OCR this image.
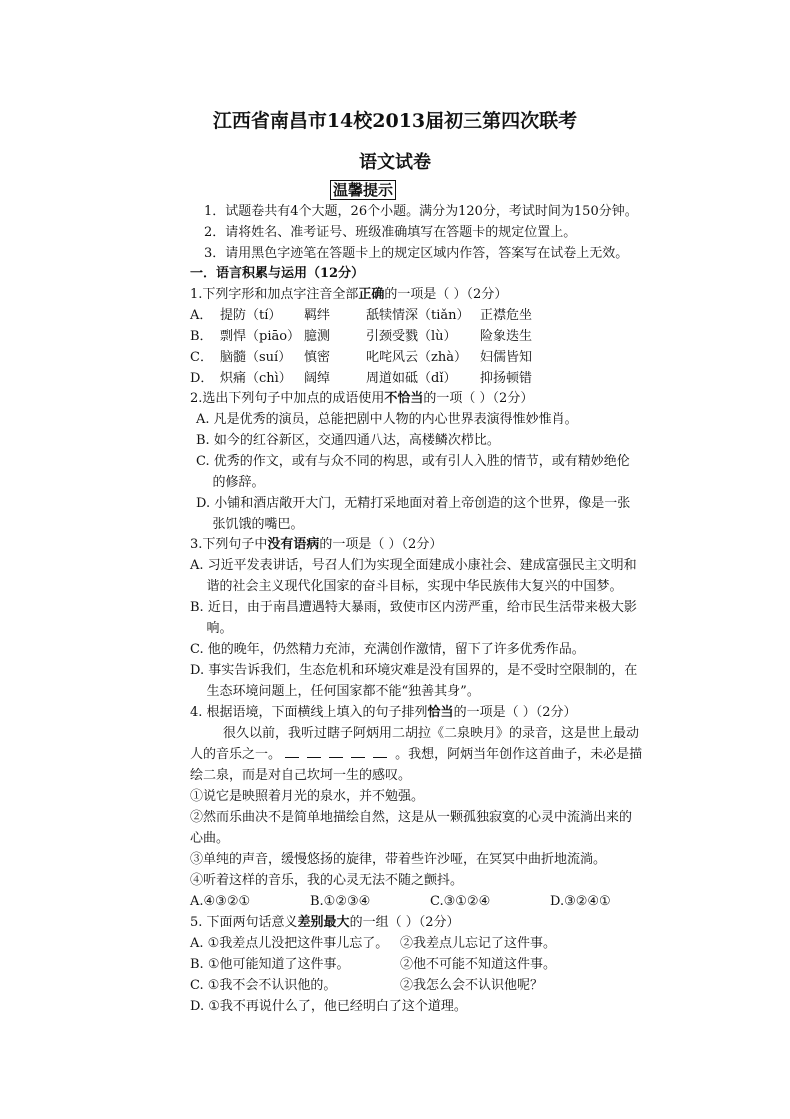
江西省南昌市14校2013届初三第四次联考
语文试卷
温馨提示
1．试题卷共有4个大题，26个小题。满分为120分，考试时间为150分钟。
2．请将姓名、准考证号、班级准确填写在答题卡的规定位置上。
3．请用黑色字迹笔在答题卡上的规定区域内作答，答案写在试卷上无效。
一．语言积累与运用（12分）
1.下列字形和加点字注音全部正确的一项是（ ）（2分）
A． 提防（tí） 羁绊	舐犊情深（tiǎn） 正襟危坐
B． 剽悍（piāo） 臆测	引颈受戮（lù） 险象迭生
C． 脑髓（suí） 慎密	叱咤风云（zhà） 妇儒皆知
D． 炽痛（chì） 阔绰	周道如砥（dǐ） 抑扬顿错
2.选出下列句子中加点的成语使用不恰当的一项（ ）（2分）
A. 凡是优秀的演员，总能把剧中人物的内心世界表演得惟妙惟肖。
B. 如今的红谷新区，交通四通八达，高楼鳞次栉比。
C. 优秀的作文，或有与众不同的构思，或有引人入胜的情节，或有精妙绝伦
的修辞。
D. 小铺和酒店敞开大门，无精打采地面对着上帝创造的这个世界，像是一张
张饥饿的嘴巴。
3.下列句子中没有语病的一项是（ ）（2分）
A. 习近平发表讲话，号召人们为实现全面建成小康社会、建成富强民主文明和
谐的社会主义现代化国家的奋斗目标，实现中华民族伟大复兴的中国梦。
B. 近日，由于南昌遭遇特大暴雨，致使市区内涝严重，给市民生活带来极大影
响。
C. 他的晚年，仍然精力充沛，充满创作激情，留下了许多优秀作品。
D. 事实告诉我们，生态危机和环境灾难是没有国界的，是不受时空限制的，在
生态环境问题上，任何国家都不能“独善其身”。
4. 根据语境，下面横线上填入的句子排列恰当的一项是（ ）（2分）
很久以前，我听过瞎子阿炳用二胡拉《二泉映月》的录音，这是世上最动
人的音乐之一。	。我想，阿炳当年创作这首曲子，未必是描
绘二泉，而是对自己坎坷一生的感叹。
①说它是映照着月光的泉水，并不勉强。
②然而乐曲决不是简单地描绘自然，这是从一颗孤独寂寞的心灵中流淌出来的
心曲。
③单纯的声音，缓慢悠扬的旋律，带着些许沙哑，在冥冥中曲折地流淌。
④听着这样的音乐，我的心灵无法不随之颤抖。
A.④③②①	B.①②③④	C.③①②④	D.③②④①
5. 下面两句话意义差别最大的一组（ ）（2分）
A. ①我差点儿没把这件事儿忘了。 ②我差点儿忘记了这件事。
B. ①他可能知道了这件事。	②他不可能不知道这件事。
C. ①我不会不认识他的。	②我怎么会不认识他呢？
D. ①我不再说什么了，他已经明白了这个道理。
